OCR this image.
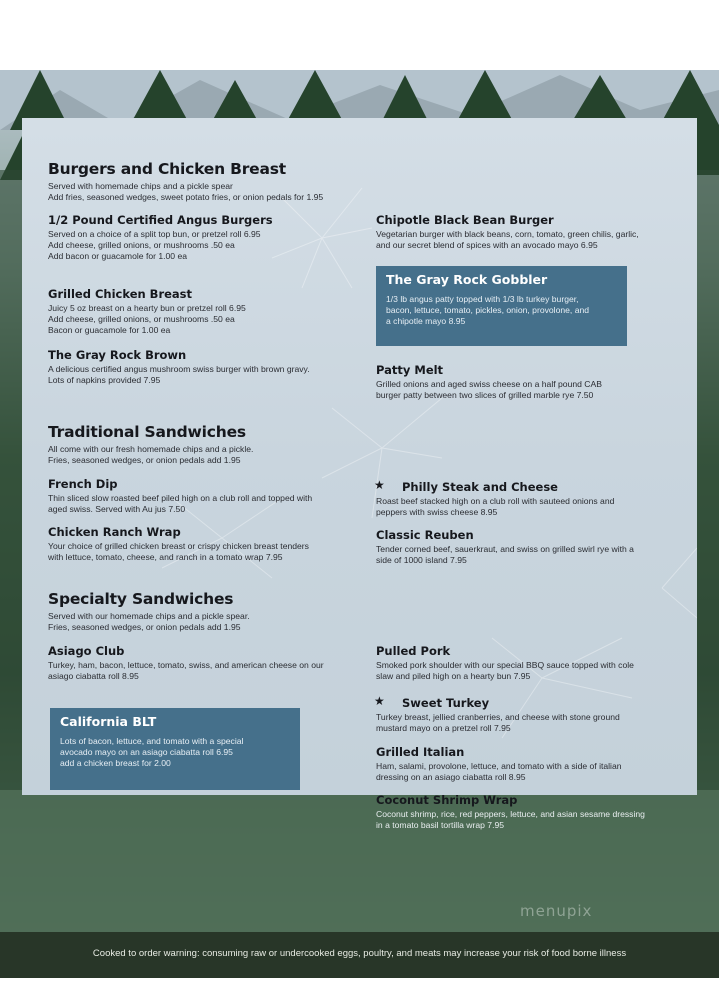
Burgers and Chicken Breast
Served with homemade chips and a pickle spear
Add fries, seasoned wedges, sweet potato fries, or onion pedals for 1.95
1/2 Pound Certified Angus Burgers
Served on a choice of a split top bun, or pretzel roll 6.95
Add cheese, grilled onions, or mushrooms .50 ea
Add bacon or guacamole for 1.00 ea
Grilled Chicken Breast
Juicy 5 oz breast on a hearty bun or pretzel roll 6.95
Add cheese, grilled onions, or mushrooms .50 ea
Bacon or guacamole for 1.00 ea
The Gray Rock Brown
A delicious certified angus mushroom swiss burger with brown gravy.
Lots of napkins provided 7.95
Chipotle Black Bean Burger
Vegetarian burger with black beans, corn, tomato, green chilis, garlic,
and our secret blend of spices with an avocado mayo 6.95
The Gray Rock Gobbler
1/3 lb angus patty topped with 1/3 lb turkey burger,
bacon, lettuce, tomato, pickles, onion, provolone, and
a chipotle mayo 8.95
Patty Melt
Grilled onions and aged swiss cheese on a half pound CAB
burger patty between two slices of grilled marble rye 7.50
Traditional Sandwiches
All come with our fresh homemade chips and a pickle.
Fries, seasoned wedges, or onion pedals add 1.95
French Dip
Thin sliced slow roasted beef piled high on a club roll and topped with
aged swiss. Served with Au jus 7.50
Chicken Ranch Wrap
Your choice of grilled chicken breast or crispy chicken breast tenders
with lettuce, tomato, cheese, and ranch in a tomato wrap 7.95
★ Philly Steak and Cheese
Roast beef stacked high on a club roll with sauteed onions and
peppers with swiss cheese 8.95
Classic Reuben
Tender corned beef, sauerkraut, and swiss on grilled swirl rye with a
side of 1000 island 7.95
Specialty Sandwiches
Served with our homemade chips and a pickle spear.
Fries, seasoned wedges, or onion pedals add 1.95
Asiago Club
Turkey, ham, bacon, lettuce, tomato, swiss, and american cheese on our
asiago ciabatta roll 8.95
California BLT
Lots of bacon, lettuce, and tomato with a special
avocado mayo on an asiago ciabatta roll 6.95
add a chicken breast for 2.00
Pulled Pork
Smoked pork shoulder with our special BBQ sauce topped with cole
slaw and piled high on a hearty bun 7.95
★ Sweet Turkey
Turkey breast, jellied cranberries, and cheese with stone ground
mustard mayo on a pretzel roll 7.95
Grilled Italian
Ham, salami, provolone, lettuce, and tomato with a side of italian
dressing on an asiago ciabatta roll 8.95
Coconut Shrimp Wrap
Coconut shrimp, rice, red peppers, lettuce, and asian sesame dressing
in a tomato basil tortilla wrap 7.95
menupix
Cooked to order warning: consuming raw or undercooked eggs, poultry, and meats may increase your risk of food borne illness
